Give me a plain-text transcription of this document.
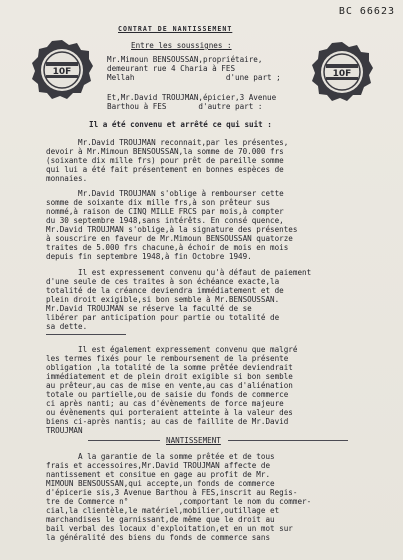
BC 66623
10F	10F
CONTRAT DE NANTISSEMENT
Entre les soussignes :
Mr.Mimoun BENSOUSSAN,propriétaire,
demeurant rue 4 Charia à FES
Mellah                    d'une part ;
Et,Mr.David TROUJMAN,épicier,3 Avenue
Barthou à FES       d'autre part :
Il a été convenu et arrêté ce qui suit :
Mr.David TROUJMAN reconnait,par les présentes,
devoir à Mr.Mimoun BENSOUSSAN,la somme de 70.000 frs
(soixante dix mille frs) pour prêt de pareille somme
qui lui a été fait présentement en bonnes espèces de
monnaies.
Mr.David TROUJMAN s'oblige à rembourser cette
somme de soixante dix mille frs,à son prêteur sus
nommé,à raison de CINQ MILLE FRCS par mois,à compter
du 30 septembre 1948,sans intérêts. En consé quence,
Mr.David TROUJMAN s'oblige,à la signature des présentes
à souscrire en faveur de Mr.Mimoun BENSOUSSAN quatorze
traites de 5.000 frs chacune,à échoir de mois en mois
depuis fin septembre 1948,à fin Octobre 1949.
Il est expressement convenu qu'à défaut de paiement
d'une seule de ces traites à son échéance exacte,la
totalité de la créance deviendra immédiatement et de
plein droit exigible,si bon semble à Mr.BENSOUSSAN.
Mr.David TROUJMAN se réserve la faculté de se
libérer par anticipation pour partie ou totalité de
sa dette.
Il est également expressement convenu que malgré
les termes fixés pour le remboursement de la présente
obligation ,la totalité de la somme prêtée deviendrait
immédiatement et de plein droit exigible si bon semble
au prêteur,au cas de mise en vente,au cas d'aliénation
totale ou partielle,ou de saisie du fonds de commerce
ci après nanti; au cas d'évènements de force majeure
ou évènements qui porteraient atteinte à la valeur des
biens ci-après nantis; au cas de faillite de Mr.David
TROUJMAN
NANTISSEMENT
A la garantie de la somme prêtée et de tous
frais et accessoires,Mr.David TROUJMAN affecte de
nantissement et consitue en gage au profit de Mr.
MIMOUN BENSOUSSAN,qui accepte,un fonds de commerce
d'épicerie sis,3 Avenue Barthou à FES,inscrit au Regis-
tre de Commerce n°           ,comportant le nom du commer-
cial,la clientèle,le matériel,mobilier,outillage et
marchandises le garnissant,de même que le droit au
bail verbal des locaux d'exploitation,et en un mot sur
la généralité des biens du fonds de commerce sans
